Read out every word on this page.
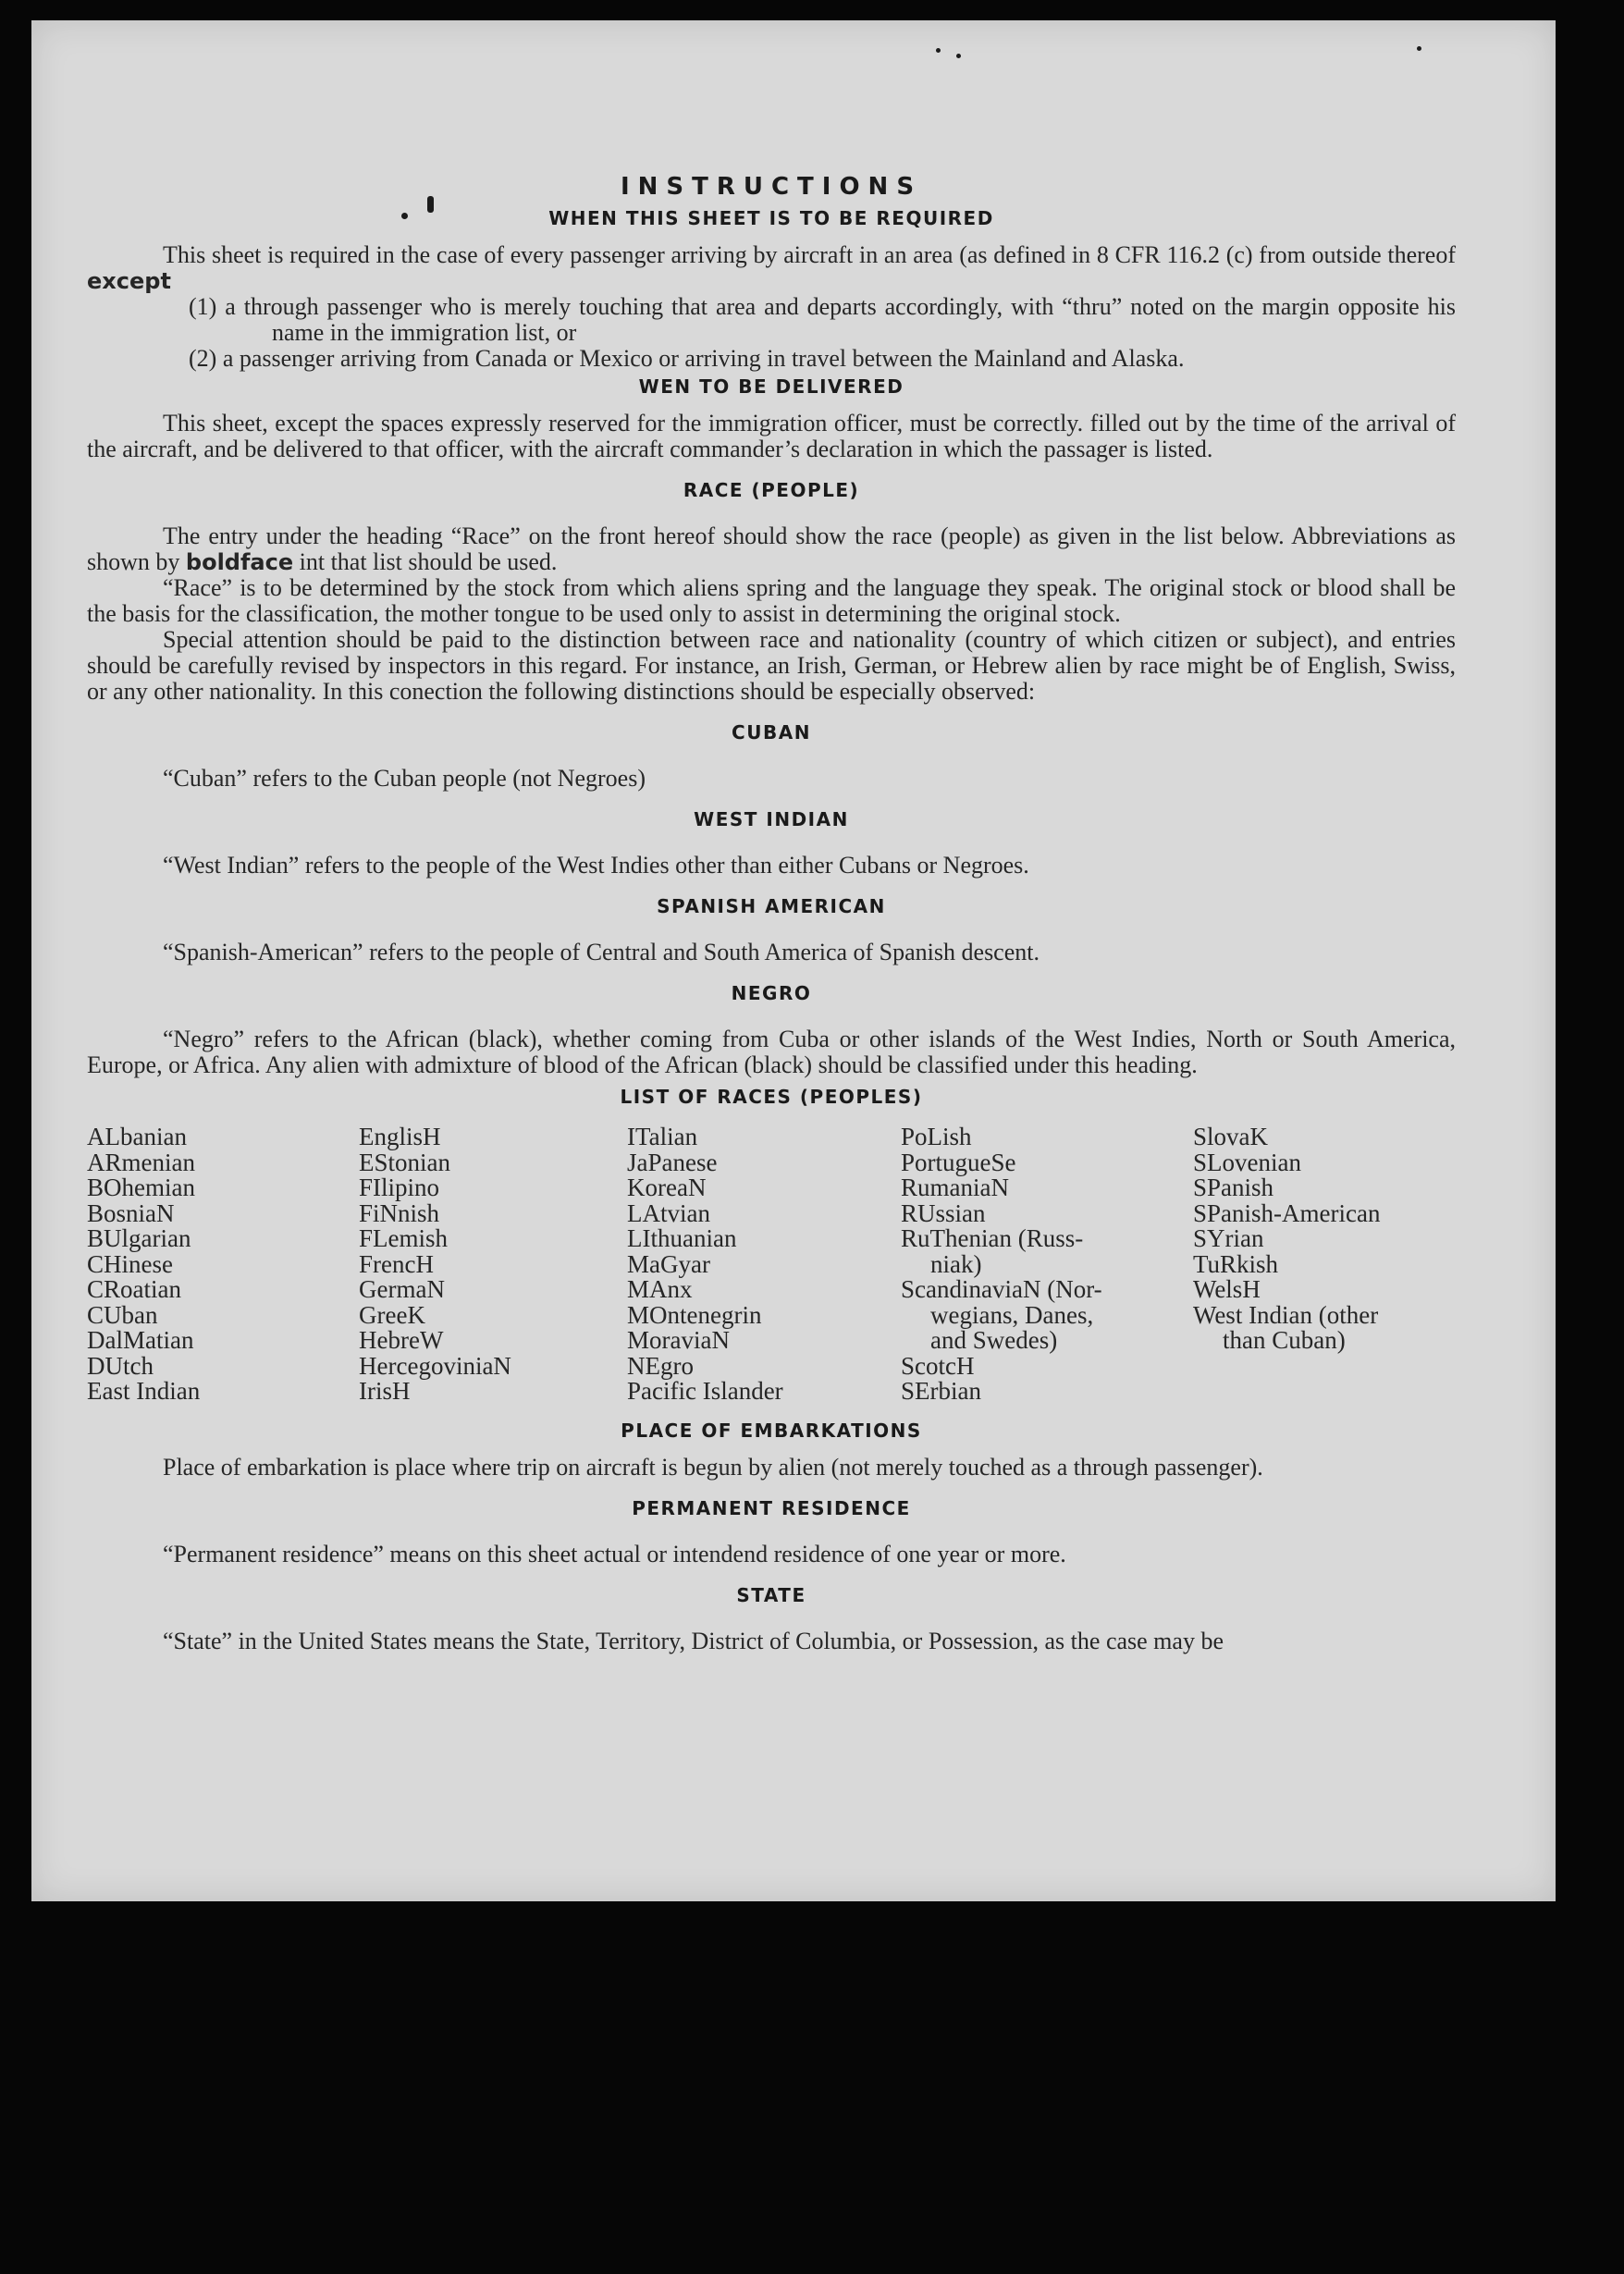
INSTRUCTIONS
WHEN THIS SHEET IS TO BE REQUIRED

This sheet is required in the case of every passenger arriving by aircraft in an area (as defined in 8 CFR 116.2 (c) from outside thereof except

(1) a through passenger who is merely touching that area and departs accordingly, with “thru” noted on the margin opposite his name in the immigration list, or

(2) a passenger arriving from Canada or Mexico or arriving in travel between the Mainland and Alaska.

WEN TO BE DELIVERED

This sheet, except the spaces expressly reserved for the immigration officer, must be correctly. filled out by the time of the arrival of the aircraft, and be delivered to that officer, with the aircraft commander’s declaration in which the passager is listed.

RACE (PEOPLE)

The entry under the heading “Race” on the front hereof should show the race (people) as given in the list below. Abbreviations as shown by boldface int that list should be used.

“Race” is to be determined by the stock from which aliens spring and the language they speak. The original stock or blood shall be the basis for the classification, the mother tongue to be used only to assist in determining the original stock.

Special attention should be paid to the distinction between race and nationality (country of which citizen or subject), and entries should be carefully revised by inspectors in this regard. For instance, an Irish, German, or Hebrew alien by race might be of English, Swiss, or any other nationality. In this conection the following distinctions should be especially observed:

CUBAN

“Cuban” refers to the Cuban people (not Negroes)

WEST INDIAN

“West Indian” refers to the people of the West Indies other than either Cubans or Negroes.

SPANISH AMERICAN

“Spanish-American” refers to the people of Central and South America of Spanish descent.

NEGRO

“Negro” refers to the African (black), whether coming from Cuba or other islands of the West Indies, North or South America, Europe, or Africa. Any alien with admixture of blood of the African (black) should be classified under this heading.

LIST OF RACES (PEOPLES)
ALbanian
ARmenian
BOhemian
BosniaN
BUlgarian
CHinese
CRoatian
CUban
DalMatian
DUtch
East Indian
EnglisH
EStonian
FIlipino
FiNnish
FLemish
FrencH
GermaN
GreeK
HebreW
HercegoviniaN
IrisH
ITalian
JaPanese
KoreaN
LAtvian
LIthuanian
MaGyar
MAnx
MOntenegrin
MoraviaN
NEgro
Pacific Islander
PoLish
PortugueSe
RumaniaN
RUssian
RuThenian (Russ-
niak)
ScandinaviaN (Nor-
wegians, Danes,
and Swedes)
ScotcH
SErbian
SlovaK
SLovenian
SPanish
SPanish-American
SYrian
TuRkish
WelsH
West Indian (other
than Cuban)
PLACE OF EMBARKATIONS

Place of embarkation is place where trip on aircraft is begun by alien (not merely touched as a through passenger).

PERMANENT RESIDENCE

“Permanent residence” means on this sheet actual or intendend residence of one year or more.

STATE

“State” in the United States means the State, Territory, District of Columbia, or Possession, as the case may be
